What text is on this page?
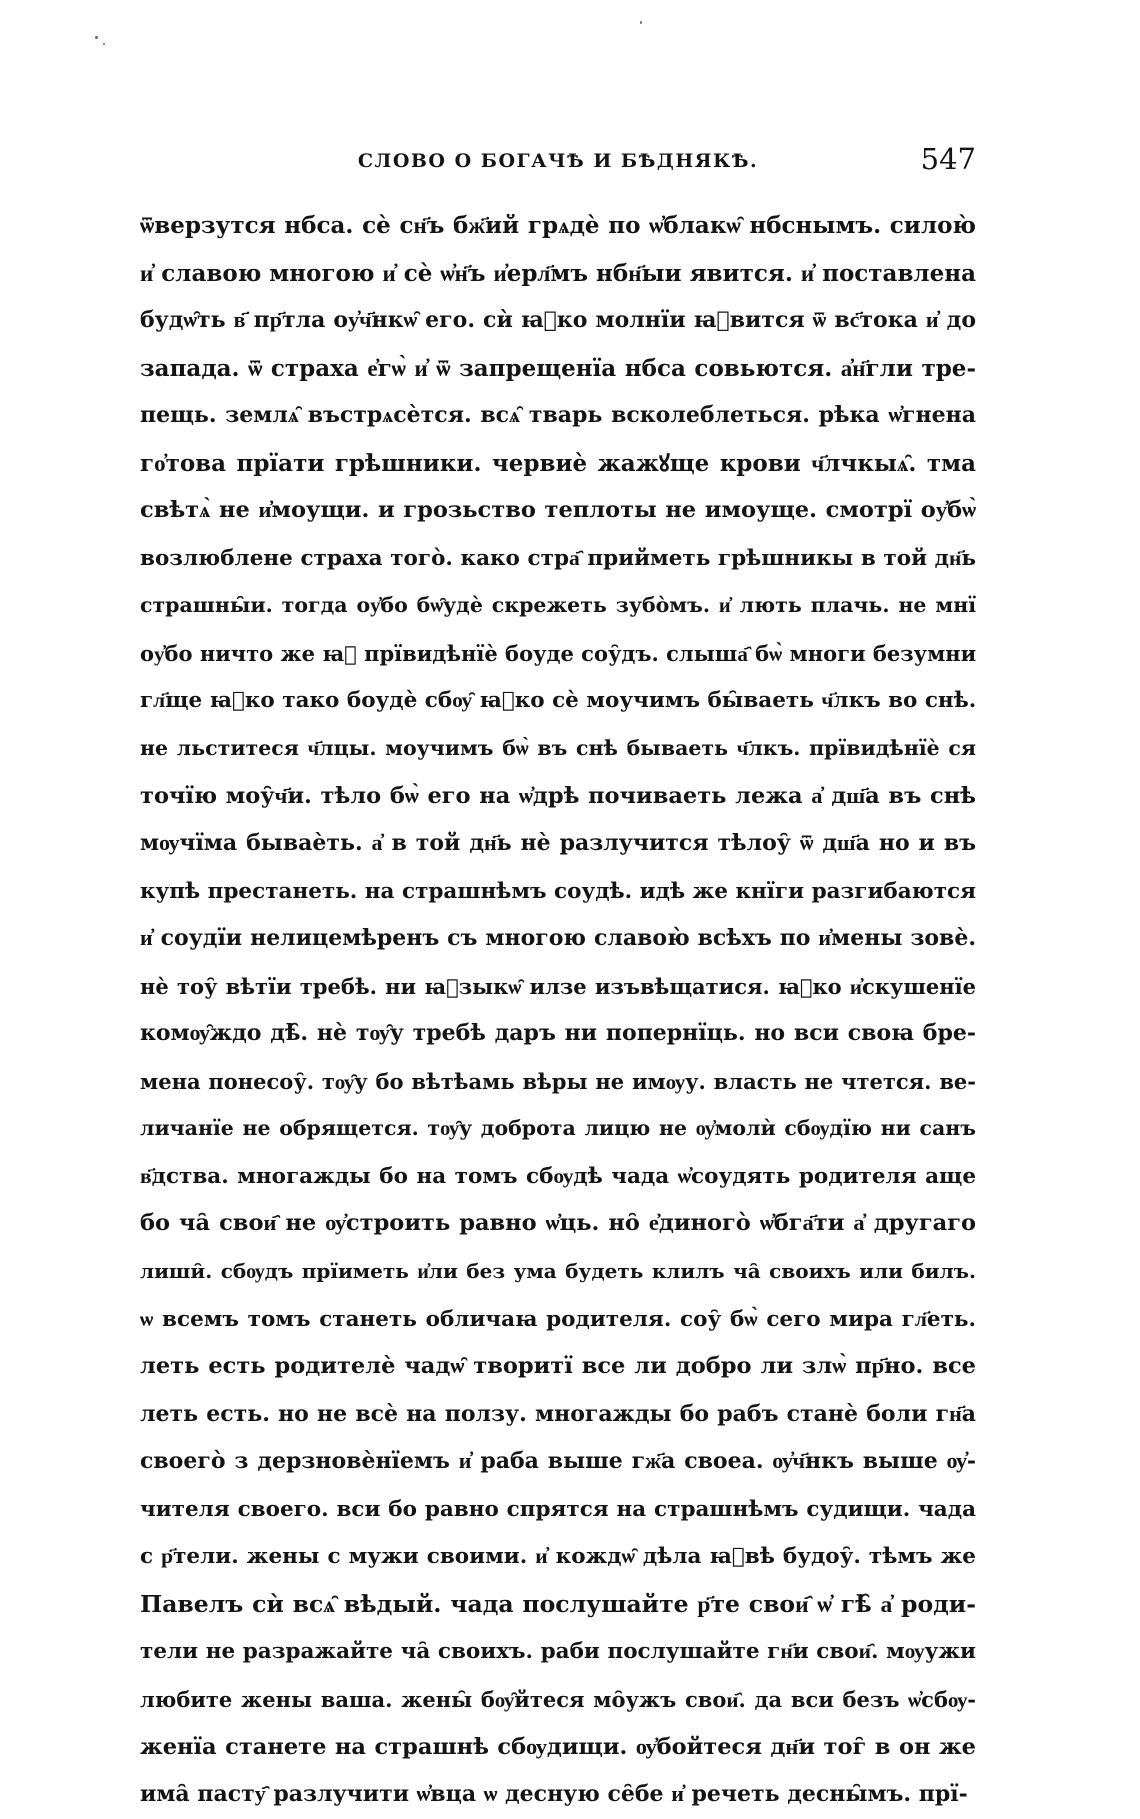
СЛОВО О БОГАЧѢ И БѢДНЯКѢ.	547
ѿверзутся нбса. сѐ сн҃ъ бж҃ий грѧдѐ по ѡ҆блакѡ̑ нбснымъ. силою̀
и҆ славою многою и҆ сѐ ѡ҆н҃ъ и҆ерл҃мъ нбн҃ыи явится. и҆ поставлена
будѡ̑ть в҃ пр҃тла оу҆ч҃нкѡ̑ его. сѝ ꙗ҆ко молнїи ꙗ҆вится ѿ вс҃тока и҆ до
запада. ѿ страха е҆гѡ̀ и҆ ѿ запрещенїа нбса совьются. а҆н҃гли тре-
пещь. землѧ̑ въстрѧсѐтся. всѧ̑ тварь всколеблеться. рѣка ѡ҆гнена
го҆това прїати грѣшники. червиѐ жажꙋще крови ч҃лчкыѧ̑. тма
свѣтѧ̀ не и҆моущи. и грозьство теплоты не имоуще. смотрї оу҆бѡ̀
возлюблене страха того̀. како стра҄ прийметь грѣшникы в той дн҃ь
страшны̑и. тогда оу҆бо бѡ̑удѐ скрежеть зубо̀мъ. и҆ лють плачь. не мнї
оу҆бо ничто же ꙗ҄ прївидѣнїѐ боуде соу̑дъ. слыша҄ бѡ̀ многи безумни
гл҃ще ꙗ҆ко тако боудѐ сбѹ̑ ꙗ҆ко сѐ моучимъ бы̑ваеть ч҃лкъ во снѣ.
не льститеся ч҃лцы. моучимъ бѡ̀ въ снѣ бываеть ч҃лкъ. прївидѣнїѐ ся
точїю моу̑ч҃и. тѣло бѡ̀ его на ѡ҆дрѣ почиваеть лежа а҆ дш҃а въ снѣ
мѹчїма бываѐть. а҆ в той дн҃ь нѐ разлучится тѣлоу̑ ѿ дш҃а но и въ
купѣ престанеть. на страшнѣмъ соудѣ. идѣ же кнїги разгибаются
и҆ соудїи нелицемѣренъ съ многою славою̀ всѣхъ по и҆мены зовѐ.
нѐ тоу̑ вѣтїи требѣ. ни ꙗ҆зыкѡ̑ илзе изъвѣщатися. ꙗ҆ко и҆скушенїе
комѹ̑ждо дѣ̑. нѐ тѹ̑у требѣ даръ ни попернїць. но вси своꙗ бре-
мена понесоу̑. тѹ̑у бо вѣтѣамь вѣры не имѹу. власть не чтется. ве-
личанїе не обрящется. тѹ̑у доброта лицю не ѹ҆молѝ сбѹдїю ни санъ
в҃дства. многажды бо на томъ сбѹдѣ чада ѡ҆соудять родителя аще
бо ча̑ свои҄ не ѹ҆строить равно ѡ҆ць. но̑ е҆диного̀ ѡ҆бга҃ти а҆ другаго
лиши̑. сбѹдъ прїиметь и҆ли без ума будеть клилъ ча̑ своихъ или билъ.
ѡ всемъ томъ станеть обличаꙗ родителя. соу̑ бѡ̀ сего мира гл҃еть.
леть есть родителѐ чадѡ̑ творитї все ли добро ли злѡ̀ пр҃но. все
леть есть. но не всѐ на ползу. многажды бо рабъ станѐ боли гн҃а
своего̀ з дерзновѐнїемъ и҆ раба выше гж҃а своеа. ѹ҆ч҃нкъ выше ѹ҆-
чителя своего. вси бо равно спрятся на страшнѣмъ судищи. чада
с р҃тели. жены с мужи своими. и҆ кождѡ̑ дѣла ꙗ҆вѣ будоу̑. тѣмъ же
Павелъ сѝ всѧ̑ вѣдый. чада послушайте р҃те свои҄ ѡ҆ гѣ̑ а҆ роди-
тели не разражайте ча̑ своихъ. раби послушайте гн҃и свои҄. мѹужи
любите жены ваша. жены̑ бѹ̑йтеся мо̑ужъ свои҄. да вси безъ ѡ҆сбѹ-
женїа станете на страшнѣ сбѹдищи. ѹ҆бойтеся дн҃и тог̑ в он же
има̑ пасту҄ разлучити ѡ҆вца ѡ десную се̑бе и҆ речеть десны̑мъ. прї-
